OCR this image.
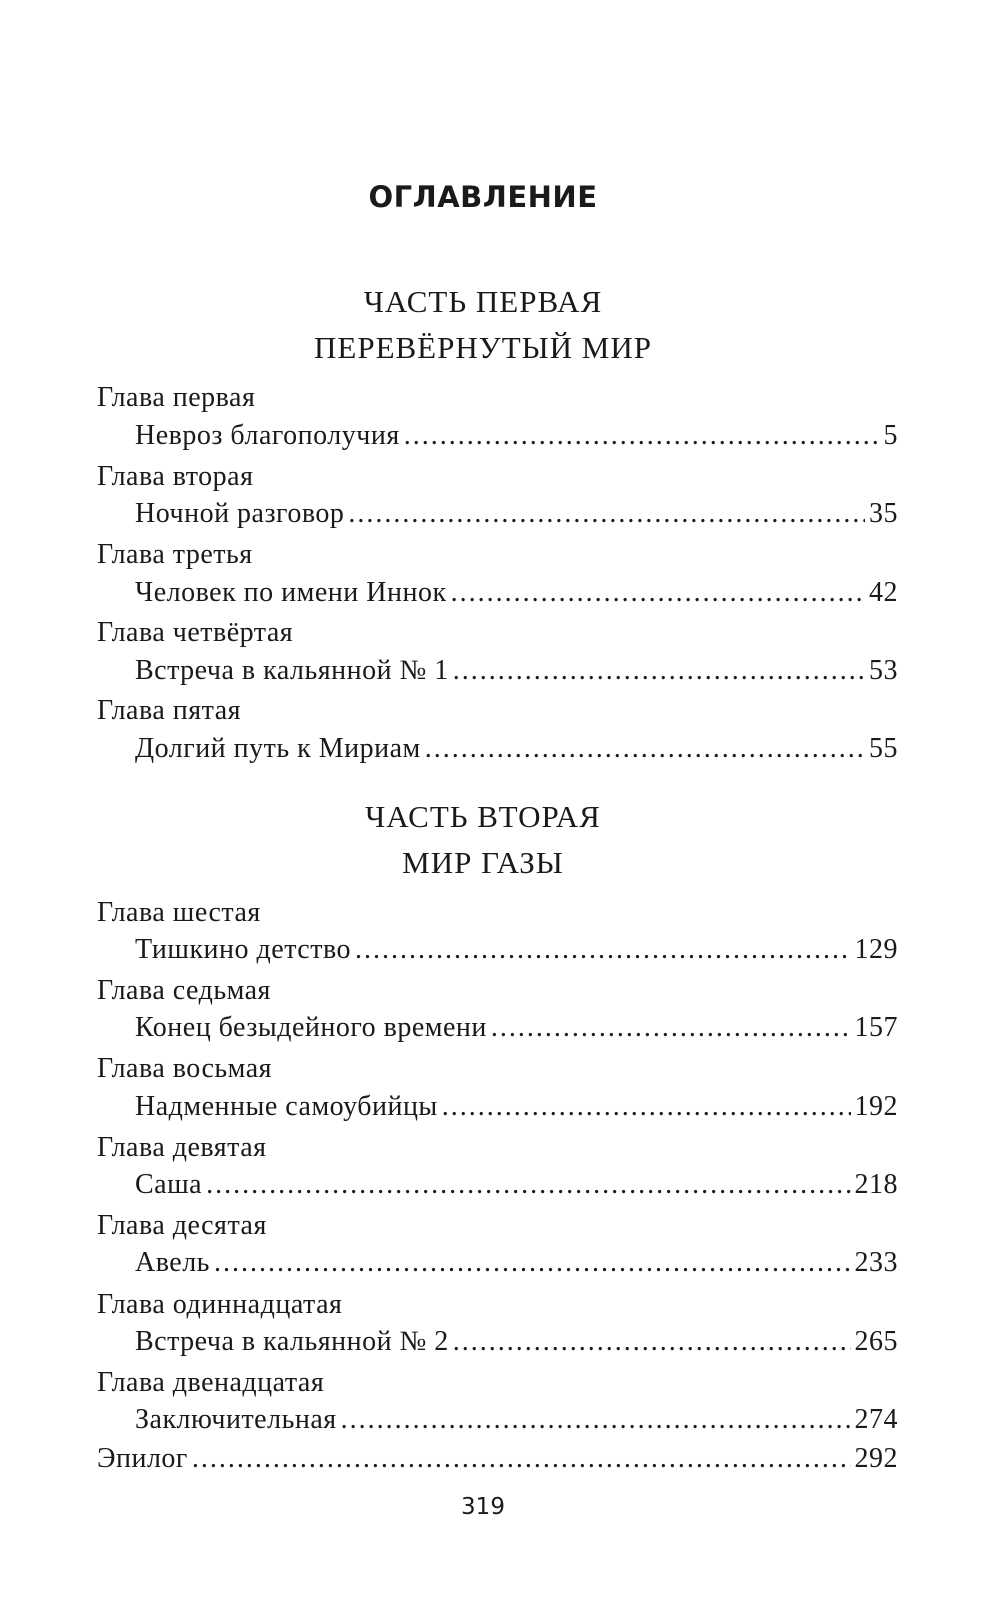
ОГЛАВЛЕНИЕ
ЧАСТЬ ПЕРВАЯ
ПЕРЕВЁРНУТЫЙ МИР
Глава первая
Невроз благополучия .....	5
Глава вторая
Ночной разговор .....	35
Глава третья
Человек по имени Иннок .....	42
Глава четвёртая
Встреча в кальянной № 1 .....	53
Глава пятая
Долгий путь к Мириам .....	55
ЧАСТЬ ВТОРАЯ
МИР ГАЗЫ
Глава шестая
Тишкино детство .....	129
Глава седьмая
Конец безыдейного времени .....	157
Глава восьмая
Надменные самоубийцы .....	192
Глава девятая
Саша .....	218
Глава десятая
Авель .....	233
Глава одиннадцатая
Встреча в кальянной № 2 .....	265
Глава двенадцатая
Заключительная .....	274
Эпилог .....	292
319
